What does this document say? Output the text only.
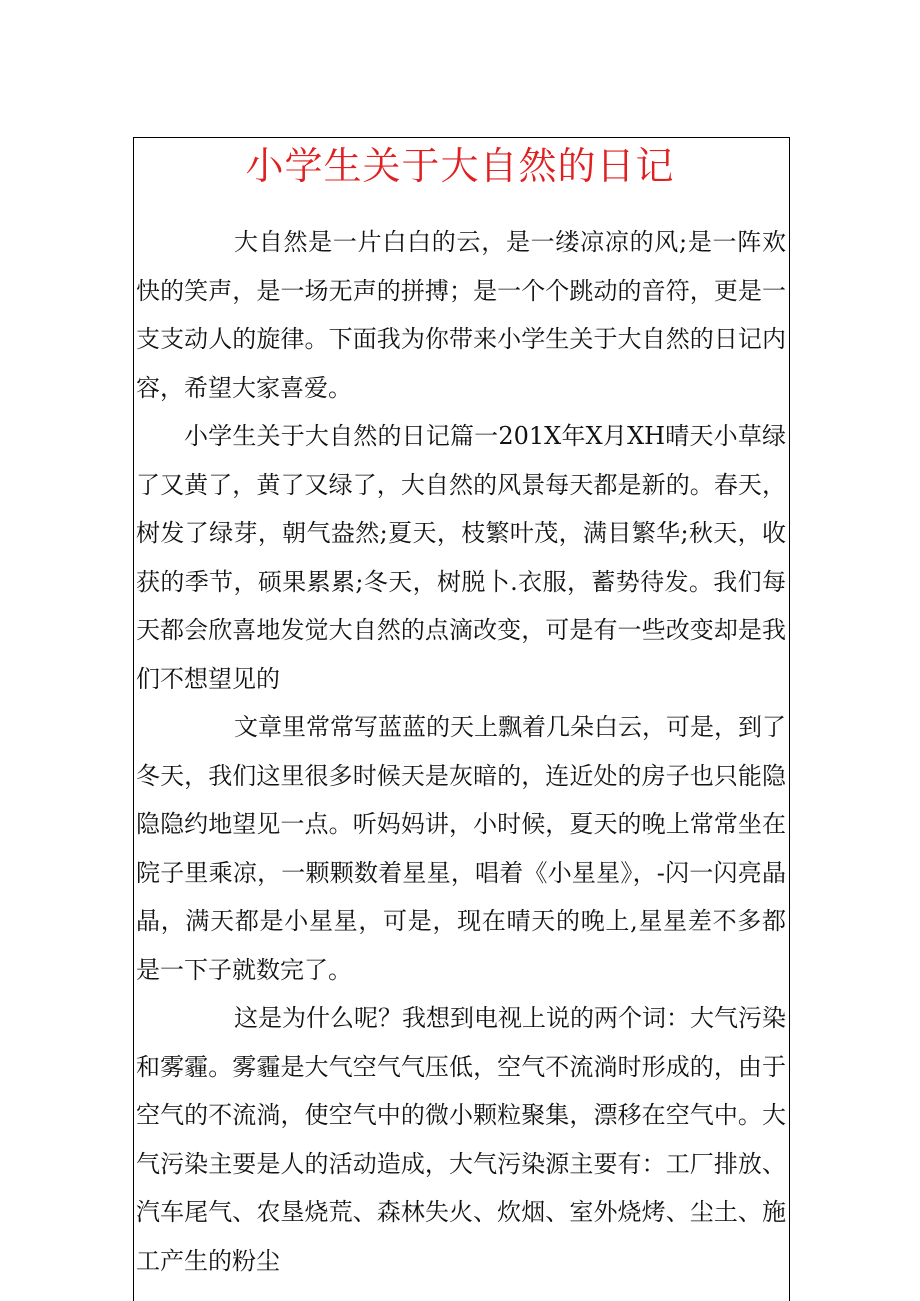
小学生关于大自然的日记

大自然是一片白白的云，是一缕凉凉的风;是一阵欢快的笑声，是一场无声的拼搏；是一个个跳动的音符，更是一支支动人的旋律。下面我为你带来小学生关于大自然的日记内容，希望大家喜爱。

小学生关于大自然的日记篇一201X年X月XH晴天小草绿了又黄了，黄了又绿了，大自然的风景每天都是新的。春天，树发了绿芽，朝气盎然;夏天，枝繁叶茂，满目繁华;秋天，收获的季节，硕果累累;冬天，树脱卜.衣服，蓄势待发。我们每天都会欣喜地发觉大自然的点滴改变，可是有一些改变却是我们不想望见的

文章里常常写蓝蓝的天上飘着几朵白云，可是，到了冬天，我们这里很多时候天是灰暗的，连近处的房子也只能隐隐隐约地望见一点。听妈妈讲，小时候，夏天的晚上常常坐在院子里乘凉，一颗颗数着星星，唱着《小星星》，-闪一闪亮晶晶，满天都是小星星，可是，现在晴天的晚上,星星差不多都是一下子就数完了。

这是为什么呢？我想到电视上说的两个词：大气污染和雾霾。雾霾是大气空气气压低，空气不流淌时形成的，由于空气的不流淌，使空气中的微小颗粒聚集，漂移在空气中。大气污染主要是人的活动造成，大气污染源主要有：工厂排放、汽车尾气、农垦烧荒、森林失火、炊烟、室外烧烤、尘土、施工产生的粉尘
